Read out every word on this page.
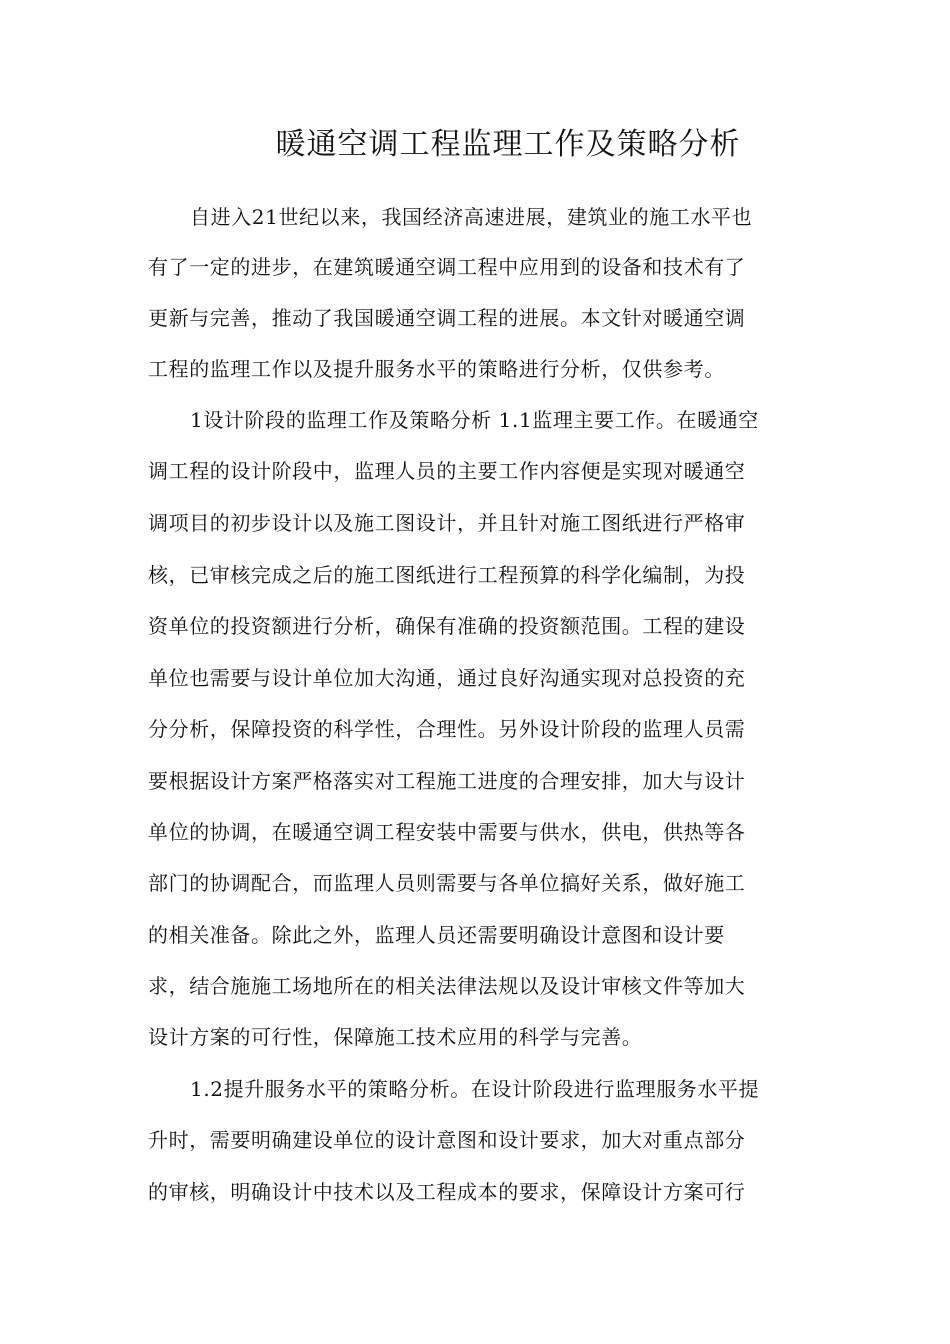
暖通空调工程监理工作及策略分析
自进入21世纪以来，我国经济高速进展，建筑业的施工水平也
有了一定的进步，在建筑暖通空调工程中应用到的设备和技术有了
更新与完善，推动了我国暖通空调工程的进展。本文针对暖通空调
工程的监理工作以及提升服务水平的策略进行分析，仅供参考。
1设计阶段的监理工作及策略分析 1.1监理主要工作。在暖通空
调工程的设计阶段中，监理人员的主要工作内容便是实现对暖通空
调项目的初步设计以及施工图设计，并且针对施工图纸进行严格审
核，已审核完成之后的施工图纸进行工程预算的科学化编制，为投
资单位的投资额进行分析，确保有准确的投资额范围。工程的建设
单位也需要与设计单位加大沟通，通过良好沟通实现对总投资的充
分分析，保障投资的科学性，合理性。另外设计阶段的监理人员需
要根据设计方案严格落实对工程施工进度的合理安排，加大与设计
单位的协调，在暖通空调工程安装中需要与供水，供电，供热等各
部门的协调配合，而监理人员则需要与各单位搞好关系，做好施工
的相关准备。除此之外，监理人员还需要明确设计意图和设计要
求，结合施施工场地所在的相关法律法规以及设计审核文件等加大
设计方案的可行性，保障施工技术应用的科学与完善。
1.2提升服务水平的策略分析。在设计阶段进行监理服务水平提
升时，需要明确建设单位的设计意图和设计要求，加大对重点部分
的审核，明确设计中技术以及工程成本的要求，保障设计方案可行
